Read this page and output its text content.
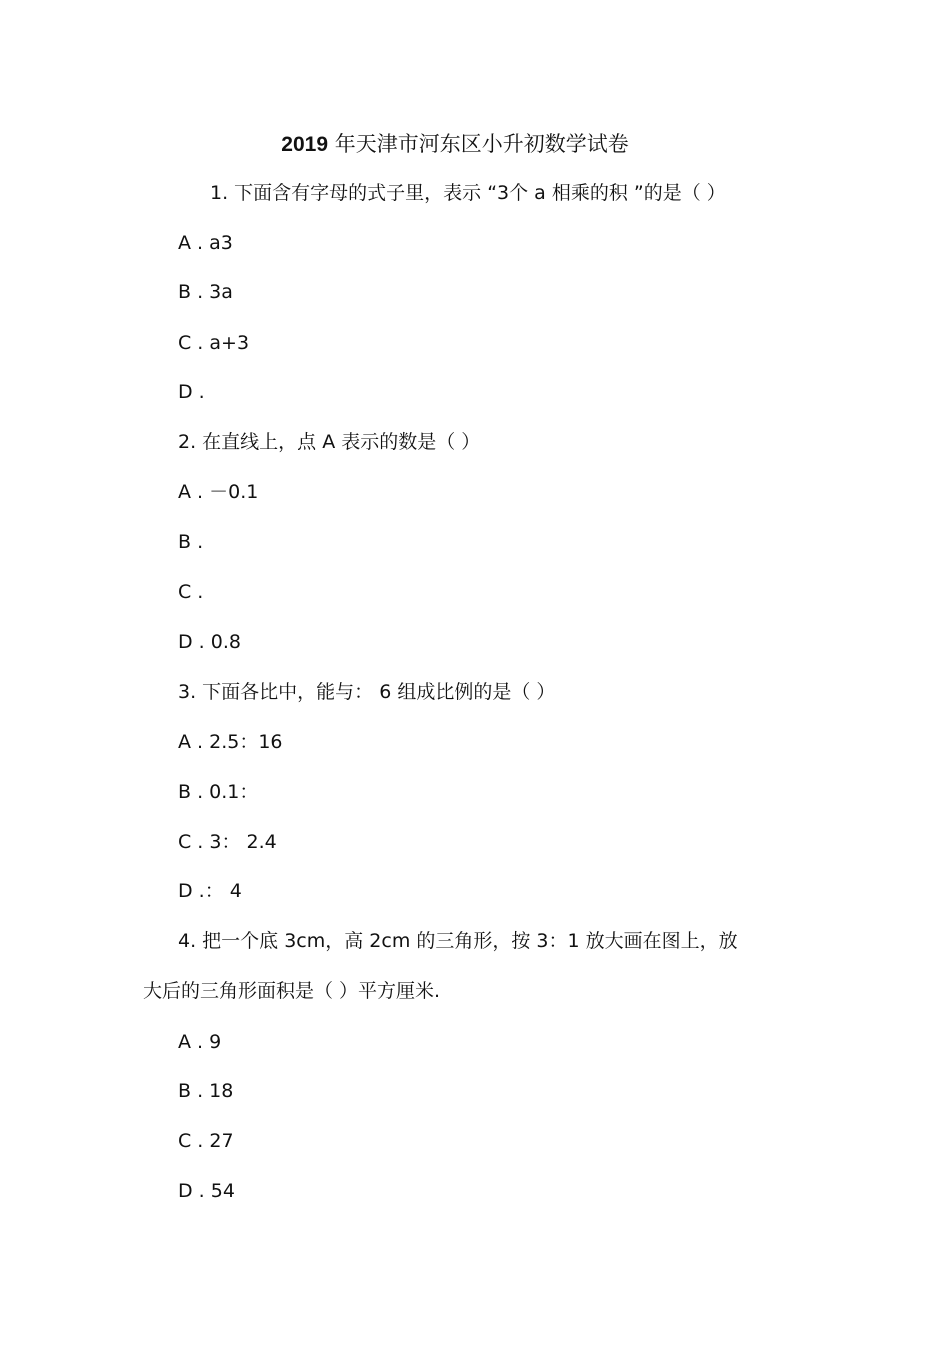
2019 年天津市河东区小升初数学试卷
1. 下面含有字母的式子里，表示 “3个 a 相乘的积 ”的是（ ）
A . a3
B . 3a
C . a+3
D .
2. 在直线上，点 A 表示的数是（ ）
A . －0.1
B .
C .
D . 0.8
3. 下面各比中，能与： 6 组成比例的是（ ）
A . 2.5：16
B . 0.1：
C . 3： 2.4
D .： 4
4. 把一个底 3cm，高 2cm 的三角形，按 3：1 放大画在图上，放
大后的三角形面积是（ ）平方厘米.
A . 9
B . 18
C . 27
D . 54
